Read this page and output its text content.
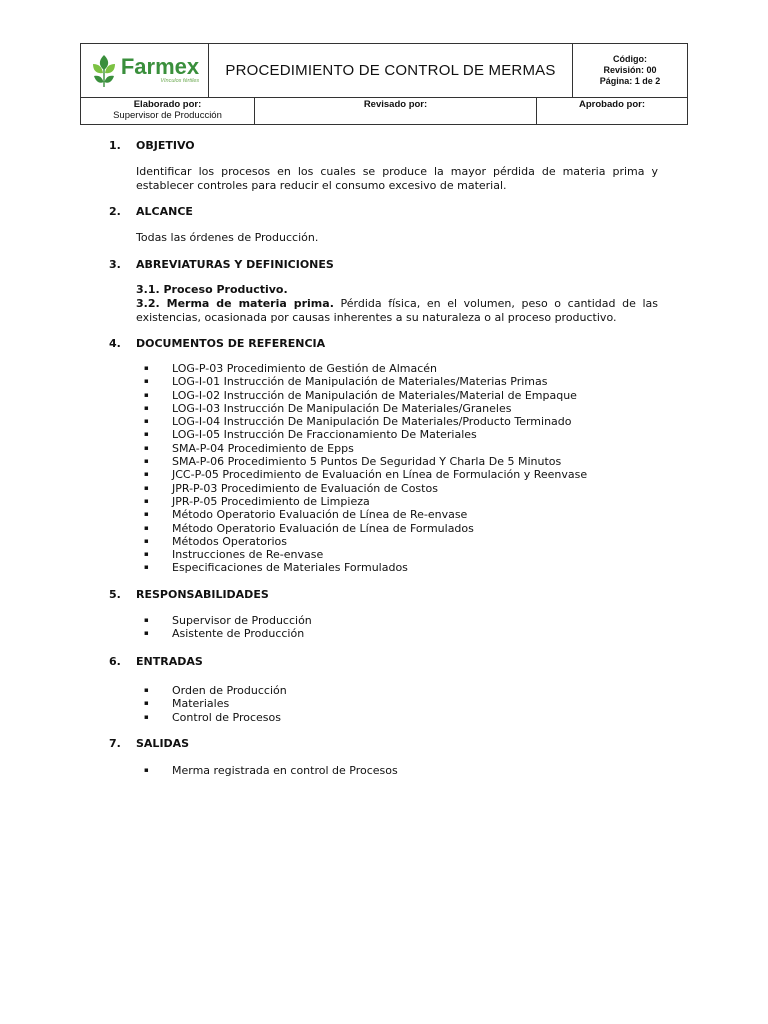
Farmex
Vínculos fértiles
PROCEDIMIENTO DE CONTROL DE MERMAS
Código:
Revisión: 00
Página: 1 de 2
Elaborado por:
Supervisor de Producción
Revisado por:	Aprobado por:
1.	OBJETIVO
Identificar los procesos en los cuales se produce la mayor pérdida de materia prima y establecer controles para reducir el consumo excesivo de material.
2.	ALCANCE
Todas las órdenes de Producción.
3.	ABREVIATURAS Y DEFINICIONES
3.1. Proceso Productivo.
3.2. Merma de materia prima. Pérdida física, en el volumen, peso o cantidad de las existencias, ocasionada por causas inherentes a su naturaleza o al proceso productivo.
4.	DOCUMENTOS DE REFERENCIA
▪	LOG-P-03 Procedimiento de Gestión de Almacén
▪	LOG-I-01 Instrucción de Manipulación de Materiales/Materias Primas
▪	LOG-I-02 Instrucción de Manipulación de Materiales/Material de Empaque
▪	LOG-I-03 Instrucción De Manipulación De Materiales/Graneles
▪	LOG-I-04 Instrucción De Manipulación De Materiales/Producto Terminado
▪	LOG-I-05 Instrucción De Fraccionamiento De Materiales
▪	SMA-P-04 Procedimiento de Epps
▪	SMA-P-06 Procedimiento 5 Puntos De Seguridad Y Charla De 5 Minutos
▪	JCC-P-05 Procedimiento de Evaluación en Línea de Formulación y Reenvase
▪	JPR-P-03 Procedimiento de Evaluación de Costos
▪	JPR-P-05 Procedimiento de Limpieza
▪	Método Operatorio Evaluación de Línea de Re-envase
▪	Método Operatorio Evaluación de Línea de Formulados
▪	Métodos Operatorios
▪	Instrucciones de Re-envase
▪	Especificaciones de Materiales Formulados
5.	RESPONSABILIDADES
▪	Supervisor de Producción
▪	Asistente de Producción
6.	ENTRADAS
▪	Orden de Producción
▪	Materiales
▪	Control de Procesos
7.	SALIDAS
▪	Merma registrada en control de Procesos
